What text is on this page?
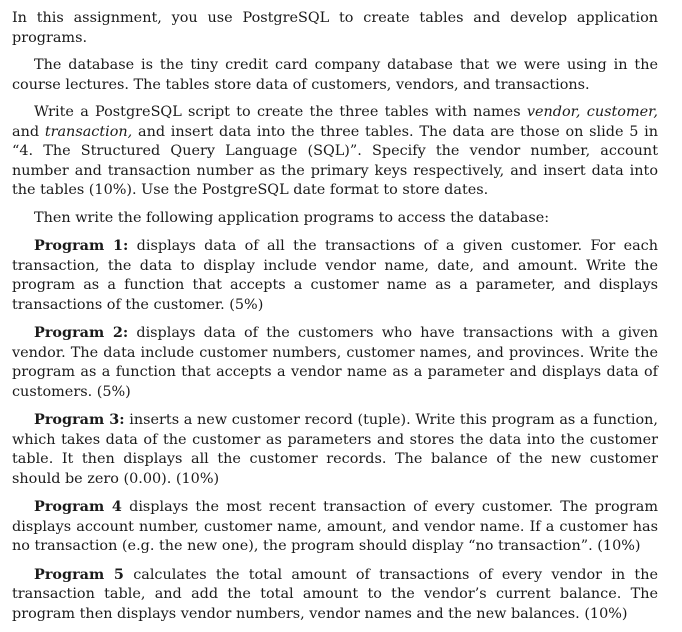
In this assignment, you use PostgreSQL to create tables and develop application programs.

The database is the tiny credit card company database that we were using in the course lectures. The tables store data of customers, vendors, and transactions.

Write a PostgreSQL script to create the three tables with names vendor, customer, and transaction, and insert data into the three tables. The data are those on slide 5 in “4. The Structured Query Language (SQL)”. Specify the vendor number, account number and transaction number as the primary keys respectively, and insert data into the tables (10%). Use the PostgreSQL date format to store dates.

Then write the following application programs to access the database:

Program 1: displays data of all the transactions of a given customer. For each transaction, the data to display include vendor name, date, and amount. Write the program as a function that accepts a customer name as a parameter, and displays transactions of the customer. (5%)

Program 2: displays data of the customers who have transactions with a given vendor. The data include customer numbers, customer names, and provinces. Write the program as a function that accepts a vendor name as a parameter and displays data of customers. (5%)

Program 3: inserts a new customer record (tuple). Write this program as a function, which takes data of the customer as parameters and stores the data into the customer table. It then displays all the customer records. The balance of the new customer should be zero (0.00). (10%)

Program 4 displays the most recent transaction of every customer. The program displays account number, customer name, amount, and vendor name. If a customer has no transaction (e.g. the new one), the program should display “no transaction”. (10%)

Program 5 calculates the total amount of transactions of every vendor in the transaction table, and add the total amount to the vendor’s current balance. The program then displays vendor numbers, vendor names and the new balances. (10%)
